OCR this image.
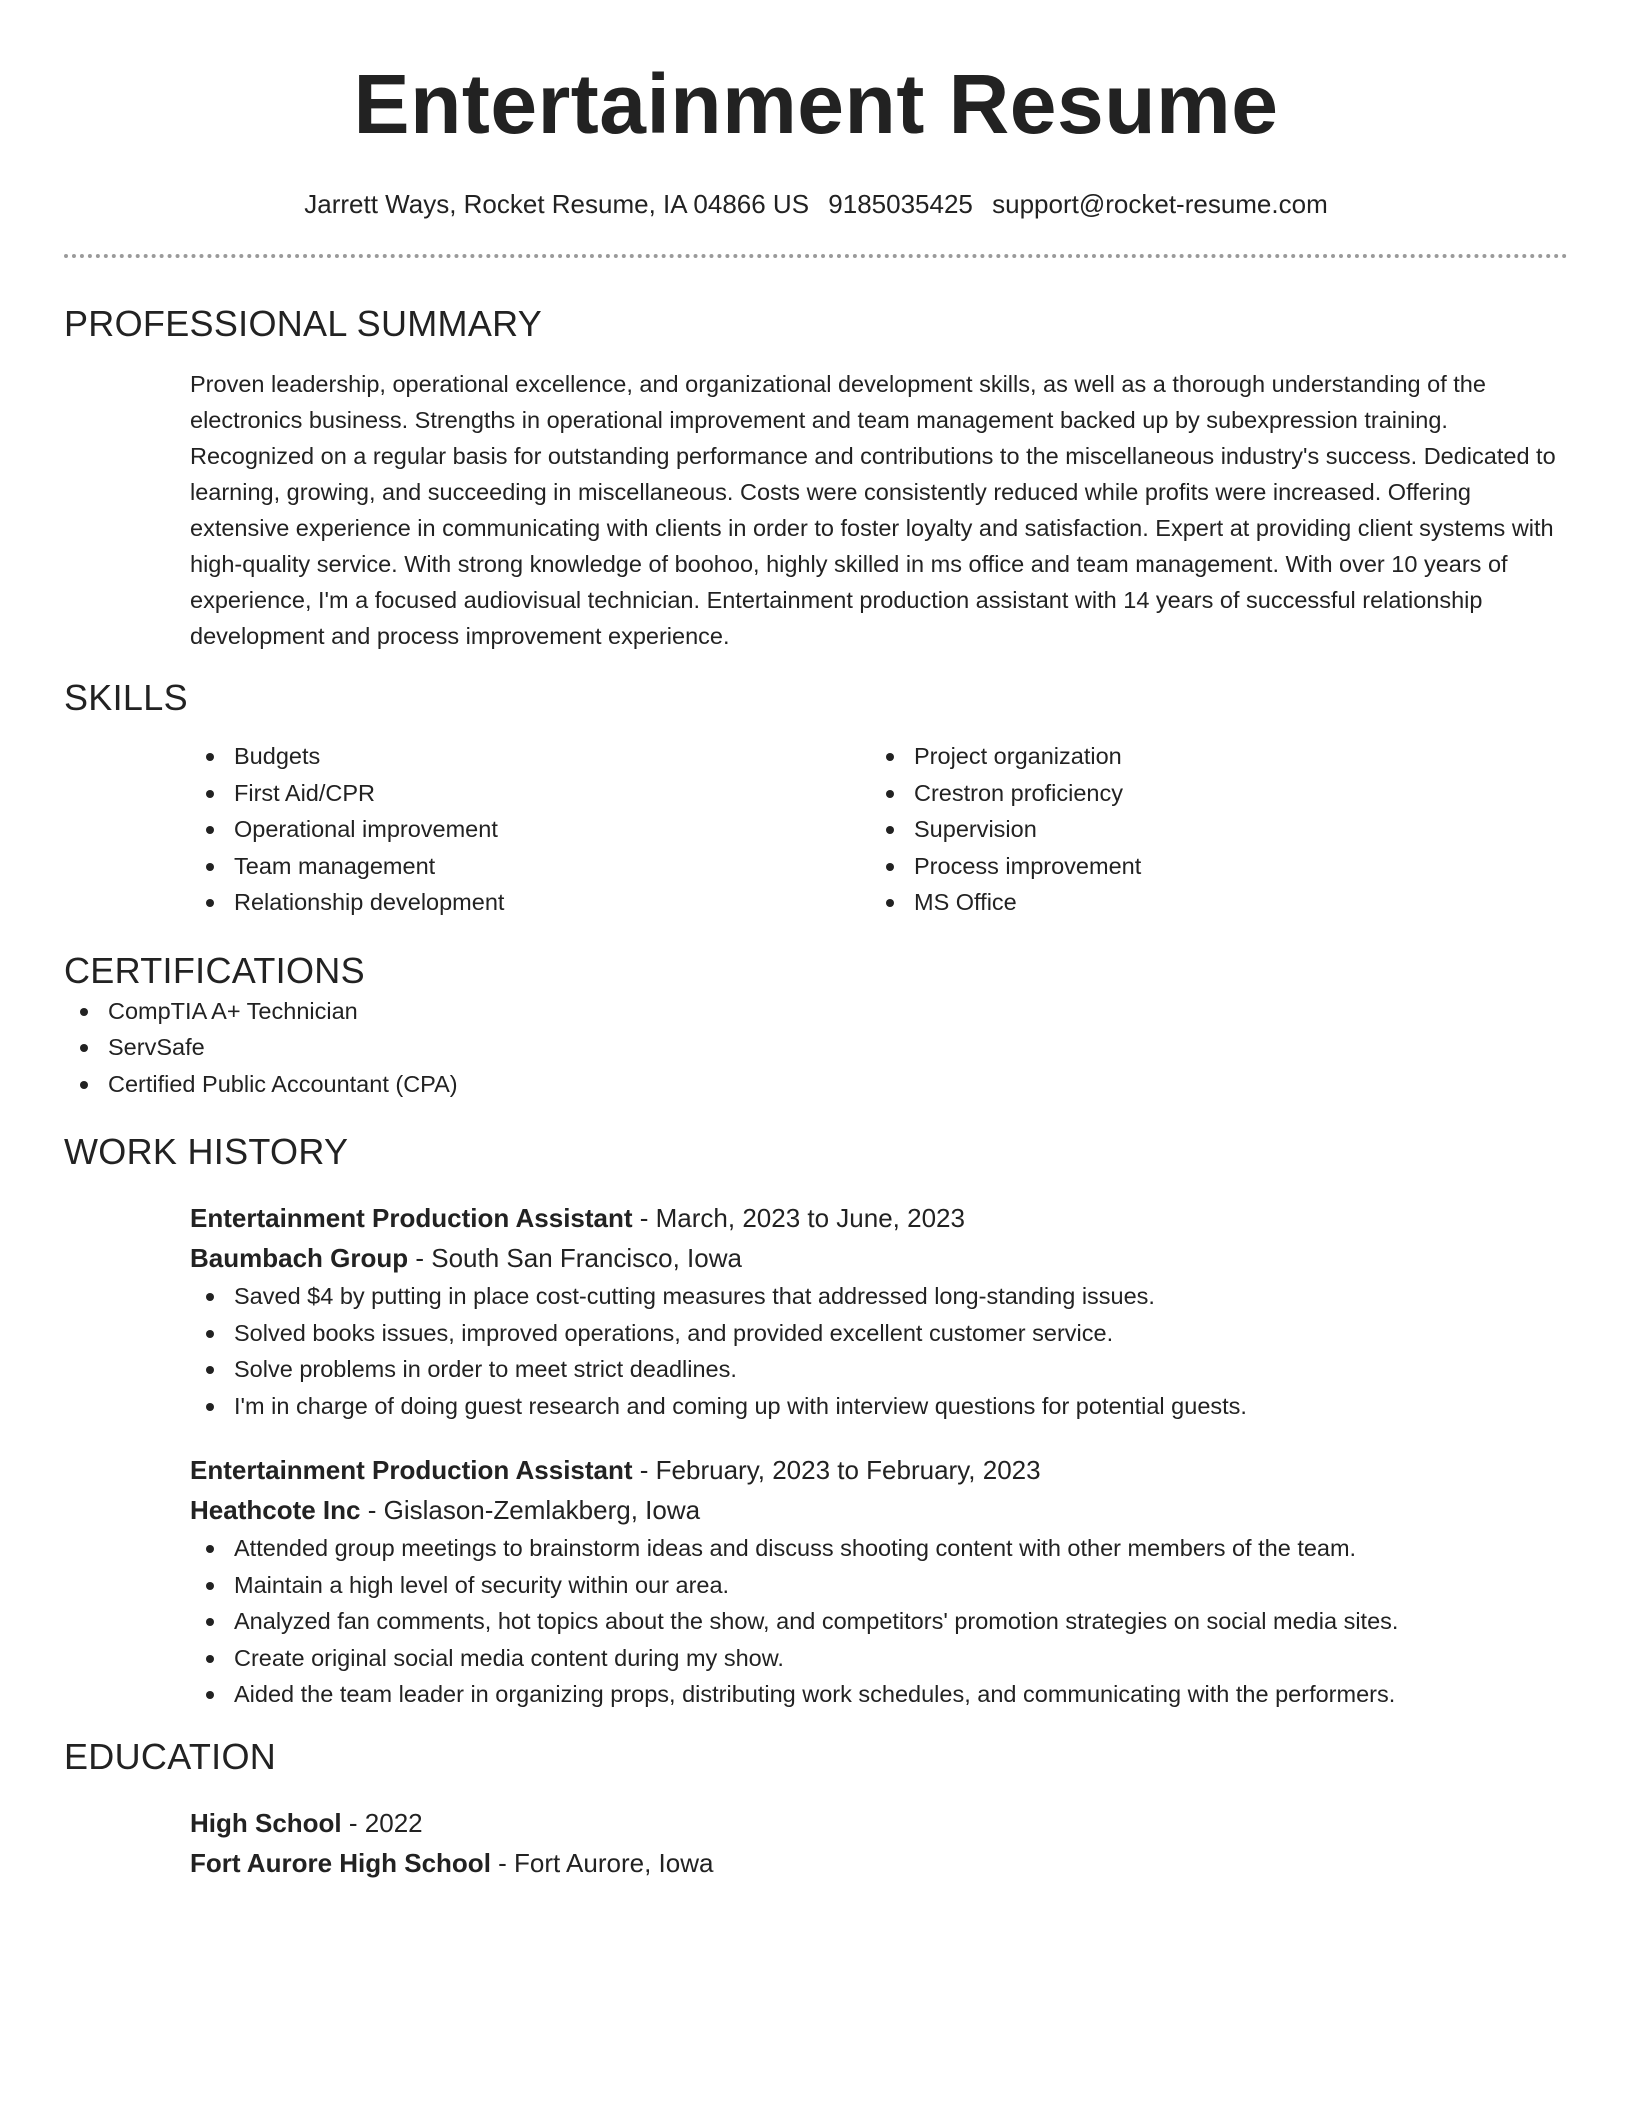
Entertainment Resume
Jarrett Ways, Rocket Resume, IA 04866 US 9185035425 support@rocket-resume.com
PROFESSIONAL SUMMARY

Proven leadership, operational excellence, and organizational development skills, as well as a thorough understanding of the electronics business. Strengths in operational improvement and team management backed up by subexpression training. Recognized on a regular basis for outstanding performance and contributions to the miscellaneous industry's success. Dedicated to learning, growing, and succeeding in miscellaneous. Costs were consistently reduced while profits were increased. Offering extensive experience in communicating with clients in order to foster loyalty and satisfaction. Expert at providing client systems with high-quality service. With strong knowledge of boohoo, highly skilled in ms office and team management. With over 10 years of experience, I'm a focused audiovisual technician. Entertainment production assistant with 14 years of successful relationship development and process improvement experience.

SKILLS
Budgets
First Aid/CPR
Operational improvement
Team management
Relationship development
Project organization
Crestron proficiency
Supervision
Process improvement
MS Office
CERTIFICATIONS
CompTIA A+ Technician
ServSafe
Certified Public Accountant (CPA)
WORK HISTORY
Entertainment Production Assistant - March, 2023 to June, 2023
Baumbach Group - South San Francisco, Iowa
Saved $4 by putting in place cost-cutting measures that addressed long-standing issues.
Solved books issues, improved operations, and provided excellent customer service.
Solve problems in order to meet strict deadlines.
I'm in charge of doing guest research and coming up with interview questions for potential guests.
Entertainment Production Assistant - February, 2023 to February, 2023
Heathcote Inc - Gislason-Zemlakberg, Iowa
Attended group meetings to brainstorm ideas and discuss shooting content with other members of the team.
Maintain a high level of security within our area.
Analyzed fan comments, hot topics about the show, and competitors' promotion strategies on social media sites.
Create original social media content during my show.
Aided the team leader in organizing props, distributing work schedules, and communicating with the performers.
EDUCATION
High School - 2022
Fort Aurore High School - Fort Aurore, Iowa
